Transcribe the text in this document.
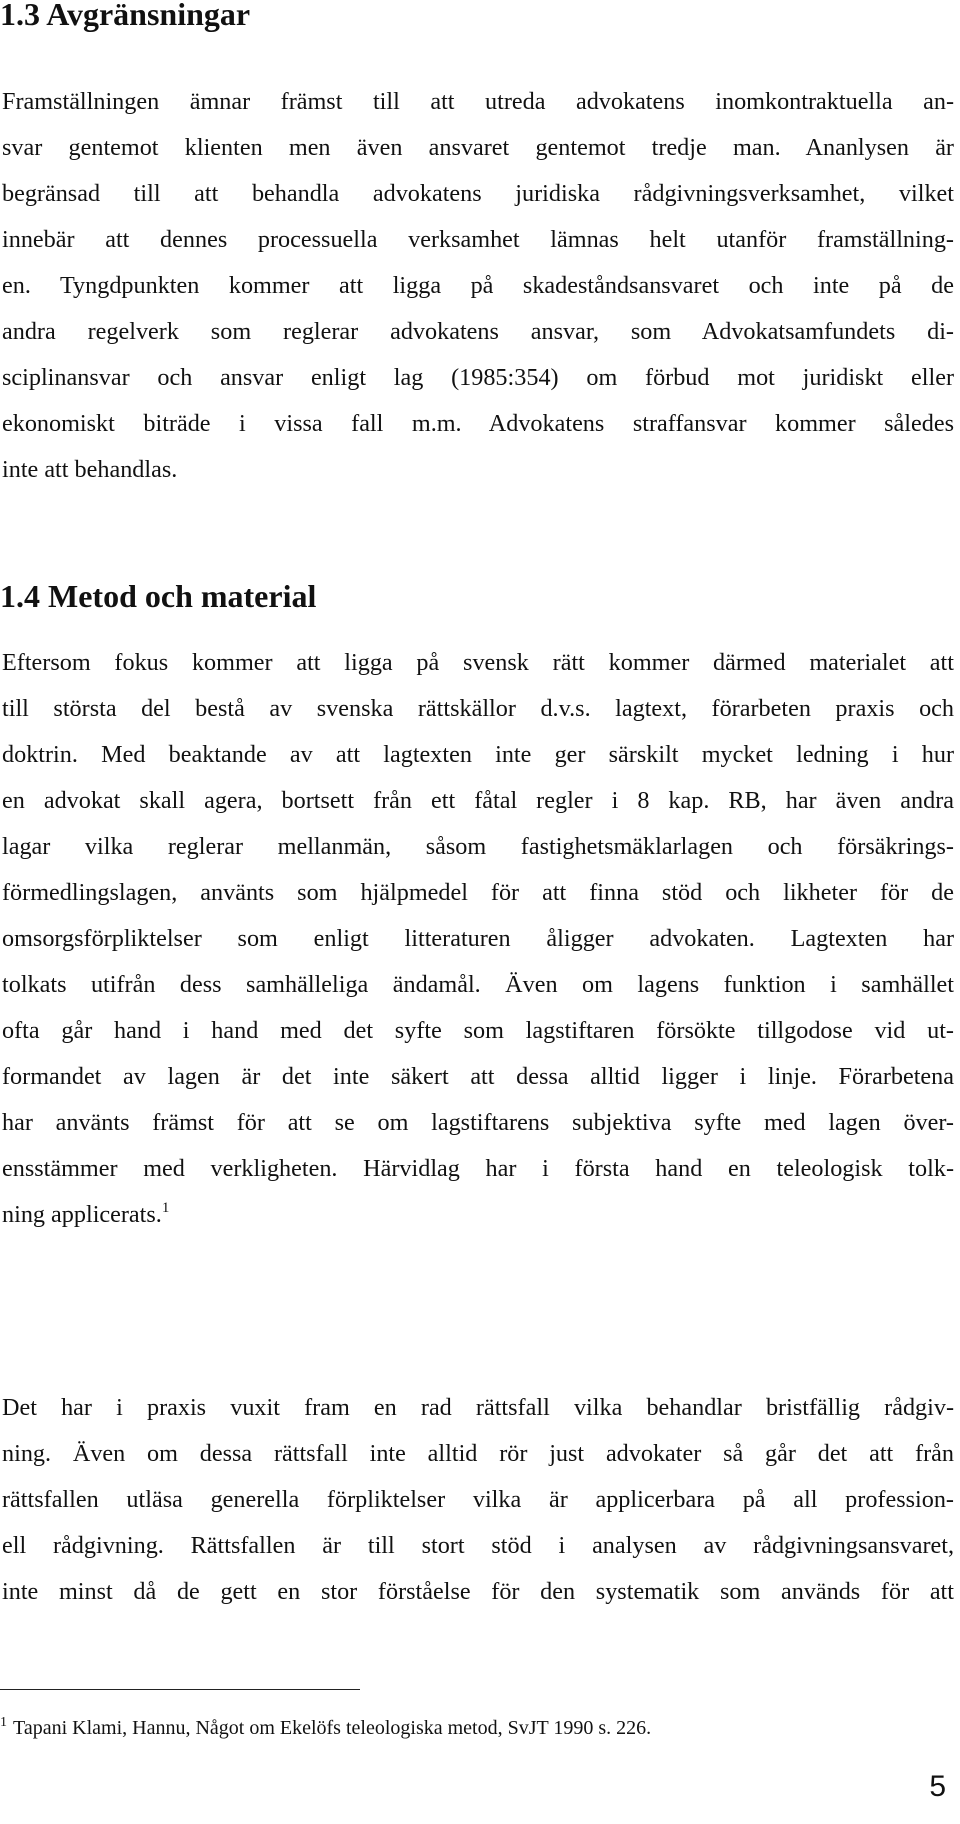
1.3 Avgränsningar
Framställningen ämnar främst till att utreda advokatens inomkontraktuella an-
svar gentemot klienten men även ansvaret gentemot tredje man. Ananlysen är
begränsad till att behandla advokatens juridiska rådgivningsverksamhet, vilket
innebär att dennes processuella verksamhet lämnas helt utanför framställning-
en. Tyngdpunkten kommer att ligga på skadeståndsansvaret och inte på de
andra regelverk som reglerar advokatens ansvar, som Advokatsamfundets di-
sciplinansvar och ansvar enligt lag (1985:354) om förbud mot juridiskt eller
ekonomiskt biträde i vissa fall m.m. Advokatens straffansvar kommer således
inte att behandlas.
1.4 Metod och material
Eftersom fokus kommer att ligga på svensk rätt kommer därmed materialet att
till största del bestå av svenska rättskällor d.v.s. lagtext, förarbeten praxis och
doktrin. Med beaktande av att lagtexten inte ger särskilt mycket ledning i hur
en advokat skall agera, bortsett från ett fåtal regler i 8 kap. RB, har även andra
lagar vilka reglerar mellanmän, såsom fastighetsmäklarlagen och försäkrings-
förmedlingslagen, använts som hjälpmedel för att finna stöd och likheter för de
omsorgsförpliktelser som enligt litteraturen åligger advokaten. Lagtexten har
tolkats utifrån dess samhälleliga ändamål. Även om lagens funktion i samhället
ofta går hand i hand med det syfte som lagstiftaren försökte tillgodose vid ut-
formandet av lagen är det inte säkert att dessa alltid ligger i linje. Förarbetena
har använts främst för att se om lagstiftarens subjektiva syfte med lagen över-
ensstämmer med verkligheten. Härvidlag har i första hand en teleologisk tolk-
ning applicerats.$^1$
Det har i praxis vuxit fram en rad rättsfall vilka behandlar bristfällig rådgiv-
ning. Även om dessa rättsfall inte alltid rör just advokater så går det att från
rättsfallen utläsa generella förpliktelser vilka är applicerbara på all profession-
ell rådgivning. Rättsfallen är till stort stöd i analysen av rådgivningsansvaret,
inte minst då de gett en stor förståelse för den systematik som används för att
$^1$ Tapani Klami, Hannu, Något om Ekelöfs teleologiska metod, SvJT 1990 s. 226.
5
